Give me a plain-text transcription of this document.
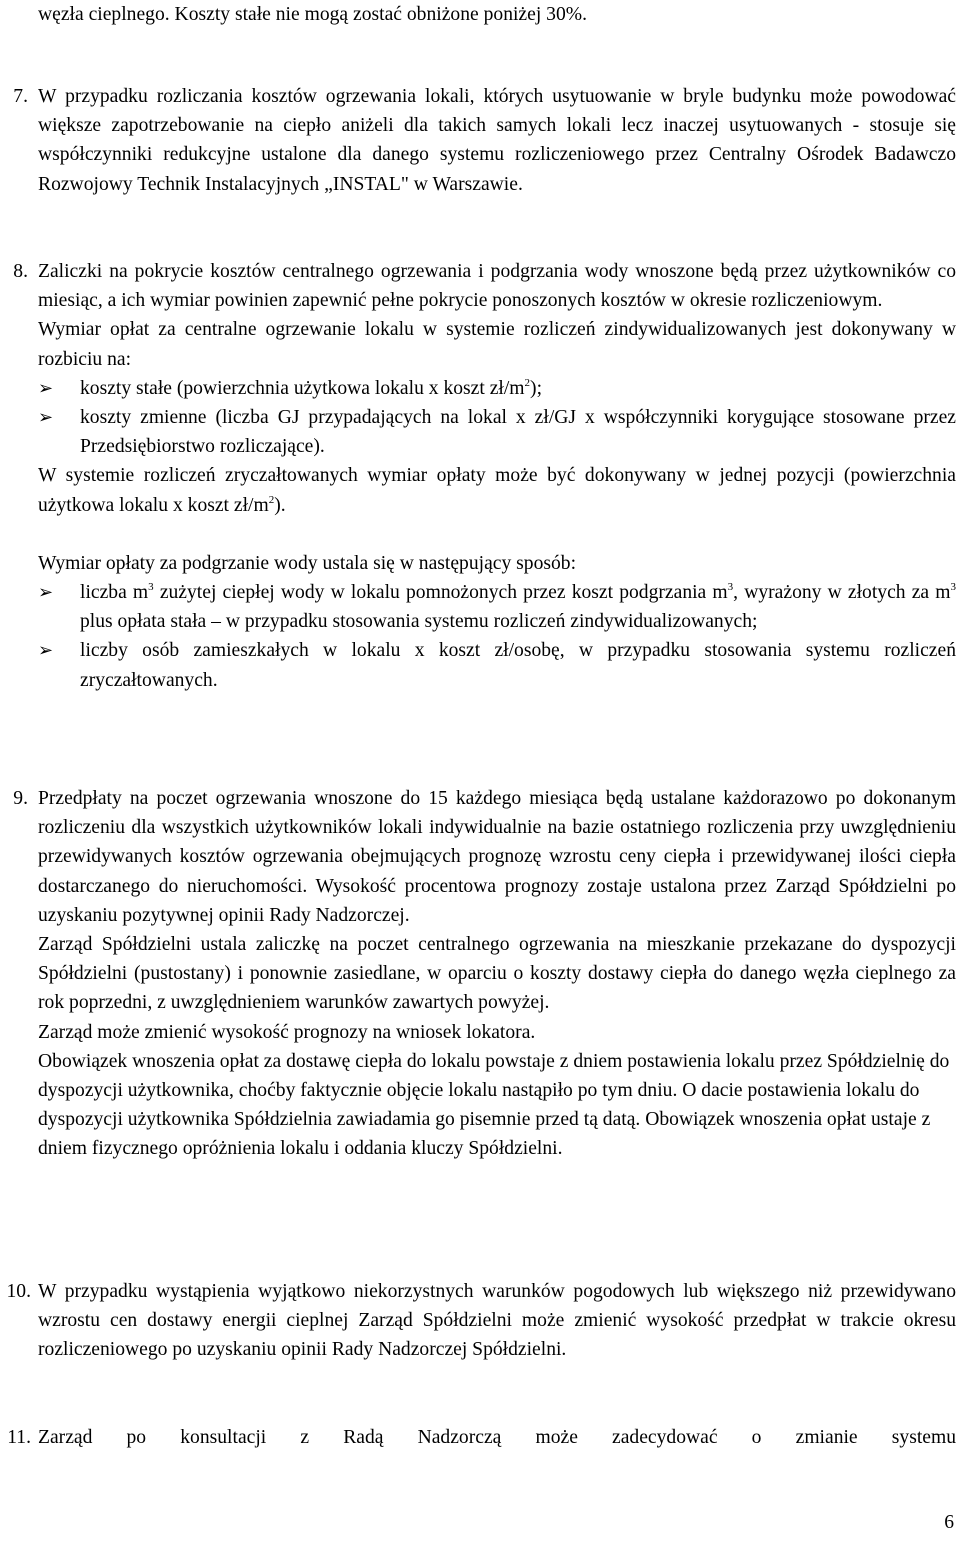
węzła cieplnego. Koszty stałe nie mogą zostać obniżone poniżej 30%.

7. W przypadku rozliczania kosztów ogrzewania lokali, których usytuowanie w bryle budynku może powodować większe zapotrzebowanie na ciepło aniżeli dla takich samych lokali lecz inaczej usytuowanych - stosuje się współczynniki redukcyjne ustalone dla danego systemu rozliczeniowego przez Centralny Ośrodek Badawczo Rozwojowy Technik Instalacyjnych „INSTAL" w Warszawie.

8. Zaliczki na pokrycie kosztów centralnego ogrzewania i podgrzania wody wnoszone będą przez użytkowników co miesiąc, a ich wymiar powinien zapewnić pełne pokrycie ponoszonych kosztów w okresie rozliczeniowym.

Wymiar opłat za centralne ogrzewanie lokalu w systemie rozliczeń zindywidualizowanych jest dokonywany w rozbiciu na:

➢	koszty stałe (powierzchnia użytkowa lokalu x koszt $zł/m^2$);
➢	koszty zmienne (liczba GJ przypadających na lokal x zł/GJ x współczynniki korygujące stosowane przez Przedsiębiorstwo rozliczające).

W systemie rozliczeń zryczałtowanych wymiar opłaty może być dokonywany w jednej pozycji (powierzchnia użytkowa lokalu x koszt $zł/m^2$).

Wymiar opłaty za podgrzanie wody ustala się w następujący sposób:

➢	liczba $m^3$ zużytej ciepłej wody w lokalu pomnożonych przez koszt podgrzania $m^3$, wyrażony w złotych za $m^3$ plus opłata stała – w przypadku stosowania systemu rozliczeń zindywidualizowanych;
➢	liczby osób zamieszkałych w lokalu x koszt zł/osobę, w przypadku stosowania systemu rozliczeń zryczałtowanych.
9. Przedpłaty na poczet ogrzewania wnoszone do 15 każdego miesiąca będą ustalane każdorazowo po dokonanym rozliczeniu dla wszystkich użytkowników lokali indywidualnie na bazie ostatniego rozliczenia przy uwzględnieniu przewidywanych kosztów ogrzewania obejmujących prognozę wzrostu ceny ciepła i przewidywanej ilości ciepła dostarczanego do nieruchomości. Wysokość procentowa prognozy zostaje ustalona przez Zarząd Spółdzielni po uzyskaniu pozytywnej opinii Rady Nadzorczej.

Zarząd Spółdzielni ustala zaliczkę na poczet centralnego ogrzewania na mieszkanie przekazane do dyspozycji Spółdzielni (pustostany) i ponownie zasiedlane, w oparciu o koszty dostawy ciepła do danego węzła cieplnego za rok poprzedni, z uwzględnieniem warunków zawartych powyżej.

Zarząd może zmienić wysokość prognozy na wniosek lokatora.

Obowiązek wnoszenia opłat za dostawę ciepła do lokalu powstaje z dniem postawienia lokalu przez Spółdzielnię do dyspozycji użytkownika, choćby faktycznie objęcie lokalu nastąpiło po tym dniu. O dacie postawienia lokalu do dyspozycji użytkownika Spółdzielnia zawiadamia go pisemnie przed tą datą. Obowiązek wnoszenia opłat ustaje z dniem fizycznego opróżnienia lokalu i oddania kluczy Spółdzielni.

10. W przypadku wystąpienia wyjątkowo niekorzystnych warunków pogodowych lub większego niż przewidywano wzrostu cen dostawy energii cieplnej Zarząd Spółdzielni może zmienić wysokość przedpłat w trakcie okresu rozliczeniowego po uzyskaniu opinii Rady Nadzorczej Spółdzielni.

11. Zarząd po konsultacji z Radą Nadzorczą może zadecydować o zmianie systemu

6
